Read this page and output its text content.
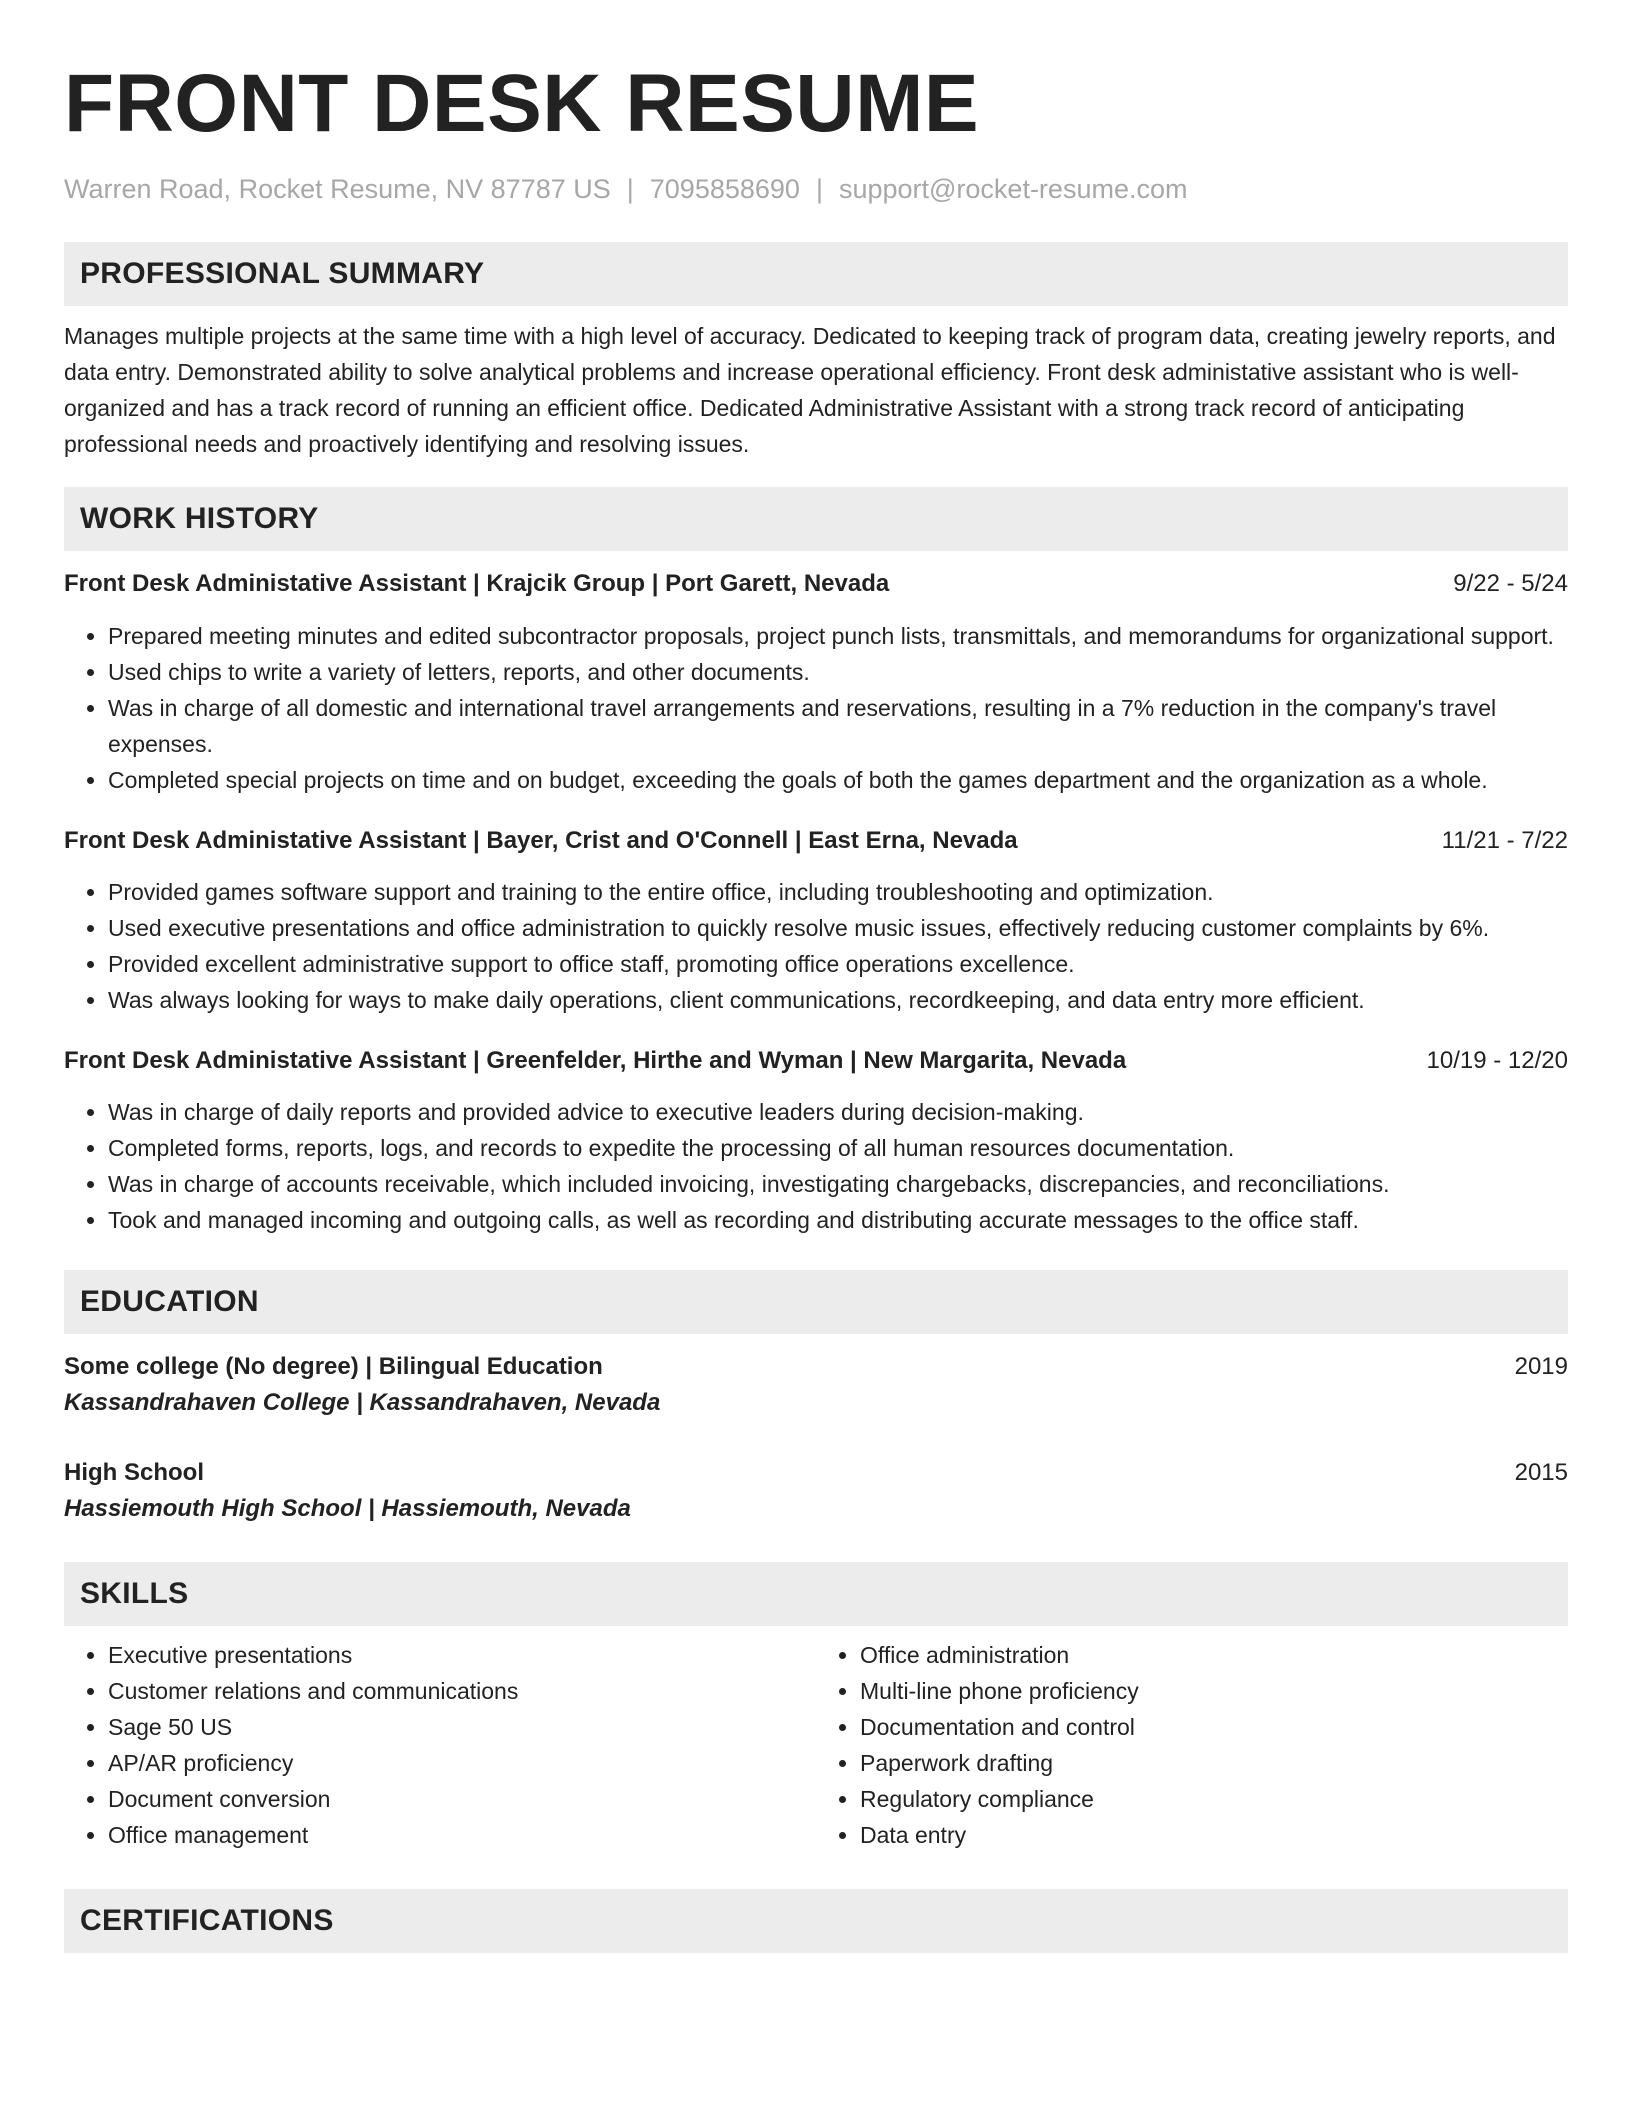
FRONT DESK RESUME
Warren Road, Rocket Resume, NV 87787 US | 7095858690 | support@rocket-resume.com
PROFESSIONAL SUMMARY

Manages multiple projects at the same time with a high level of accuracy. Dedicated to keeping track of program data, creating jewelry reports, and data entry. Demonstrated ability to solve analytical problems and increase operational efficiency. Front desk administative assistant who is well-organized and has a track record of running an efficient office. Dedicated Administrative Assistant with a strong track record of anticipating professional needs and proactively identifying and resolving issues.

WORK HISTORY
Front Desk Administative Assistant | Krajcik Group | Port Garett, Nevada	9/22 - 5/24
• Prepared meeting minutes and edited subcontractor proposals, project punch lists, transmittals, and memorandums for organizational support.
• Used chips to write a variety of letters, reports, and other documents.
• Was in charge of all domestic and international travel arrangements and reservations, resulting in a 7% reduction in the company's travel expenses.
• Completed special projects on time and on budget, exceeding the goals of both the games department and the organization as a whole.
Front Desk Administative Assistant | Bayer, Crist and O'Connell | East Erna, Nevada	11/21 - 7/22
• Provided games software support and training to the entire office, including troubleshooting and optimization.
• Used executive presentations and office administration to quickly resolve music issues, effectively reducing customer complaints by 6%.
• Provided excellent administrative support to office staff, promoting office operations excellence.
• Was always looking for ways to make daily operations, client communications, recordkeeping, and data entry more efficient.
Front Desk Administative Assistant | Greenfelder, Hirthe and Wyman | New Margarita, Nevada	10/19 - 12/20
• Was in charge of daily reports and provided advice to executive leaders during decision-making.
• Completed forms, reports, logs, and records to expedite the processing of all human resources documentation.
• Was in charge of accounts receivable, which included invoicing, investigating chargebacks, discrepancies, and reconciliations.
• Took and managed incoming and outgoing calls, as well as recording and distributing accurate messages to the office staff.
EDUCATION
Some college (No degree) | Bilingual Education	2019
Kassandrahaven College | Kassandrahaven, Nevada
High School	2015
Hassiemouth High School | Hassiemouth, Nevada
SKILLS
• Executive presentations
• Customer relations and communications
• Sage 50 US
• AP/AR proficiency
• Document conversion
• Office management
• Office administration
• Multi-line phone proficiency
• Documentation and control
• Paperwork drafting
• Regulatory compliance
• Data entry
CERTIFICATIONS
